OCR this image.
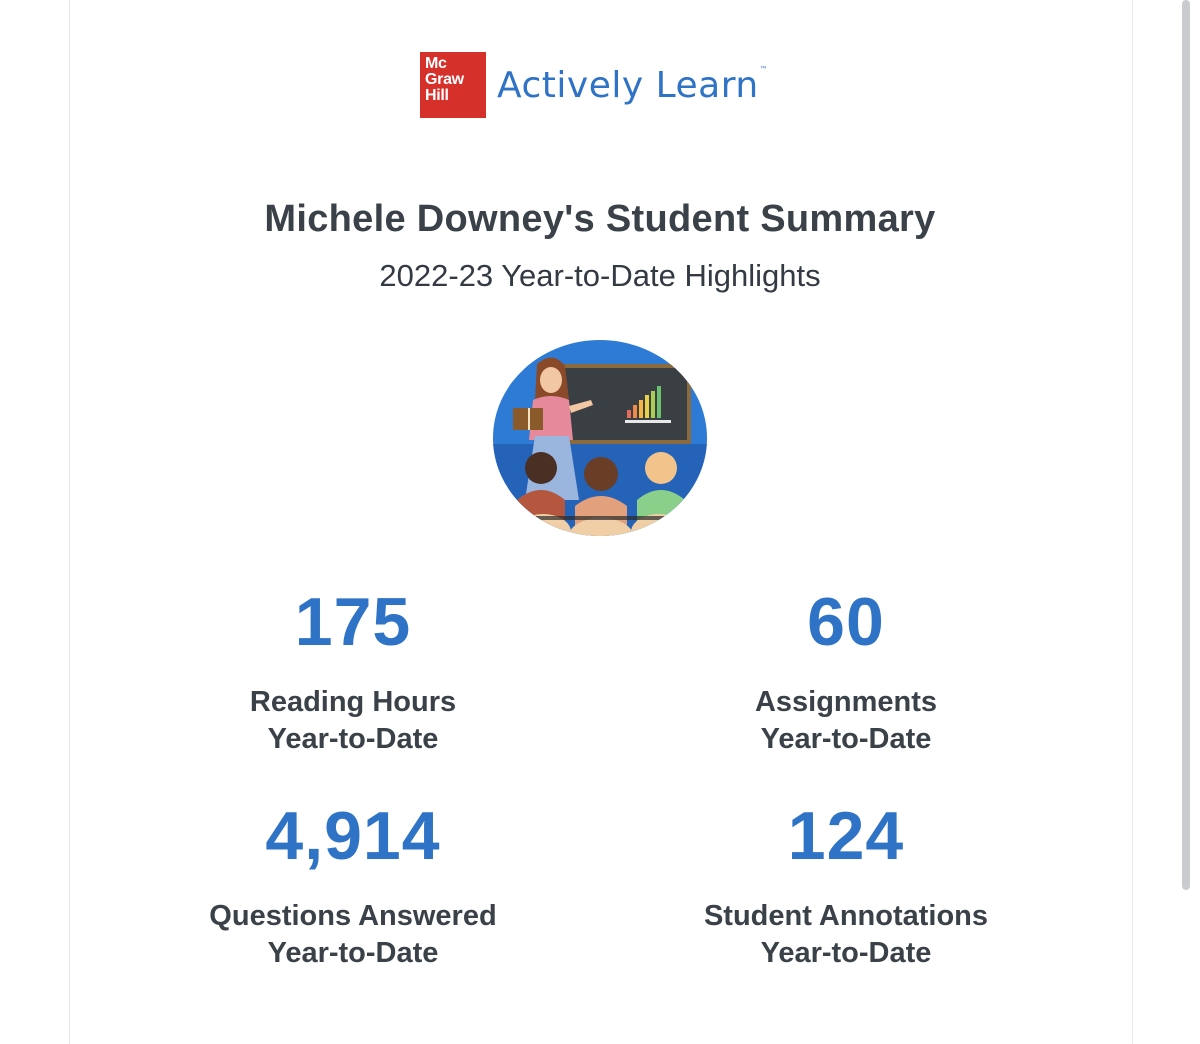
Mc
Graw
Hill	Actively Learn™
Michele Downey's Student Summary
2022-23 Year-to-Date Highlights
175
Reading Hours
Year-to-Date
60
Assignments
Year-to-Date
4,914
Questions Answered
Year-to-Date
124
Student Annotations
Year-to-Date
